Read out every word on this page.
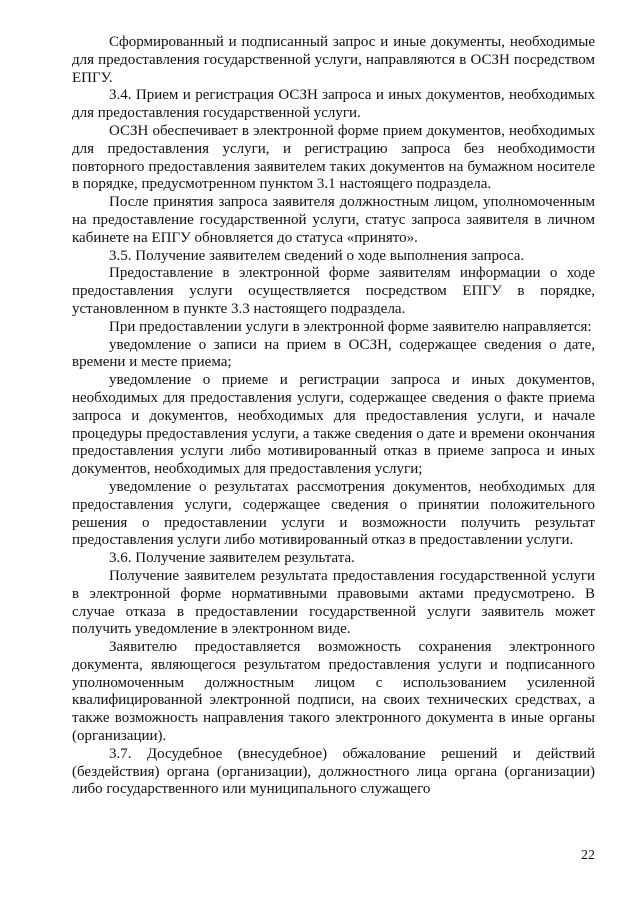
Сформированный и подписанный запрос и иные документы, необходимые для предоставления государственной услуги, направляются в ОСЗН посредством ЕПГУ.

3.4. Прием и регистрация ОСЗН запроса и иных документов, необходимых для предоставления государственной услуги.

ОСЗН обеспечивает в электронной форме прием документов, необходимых для предоставления услуги, и регистрацию запроса без необходимости повторного предоставления заявителем таких документов на бумажном носителе в порядке, предусмотренном пунктом 3.1 настоящего подраздела.

После принятия запроса заявителя должностным лицом, уполномоченным на предоставление государственной услуги, статус запроса заявителя в личном кабинете на ЕПГУ обновляется до статуса «принято».

3.5. Получение заявителем сведений о ходе выполнения запроса.

Предоставление в электронной форме заявителям информации о ходе предоставления услуги осуществляется посредством ЕПГУ в порядке, установленном в пункте 3.3 настоящего подраздела.

При предоставлении услуги в электронной форме заявителю направляется:

уведомление о записи на прием в ОСЗН, содержащее сведения о дате, времени и месте приема;

уведомление о приеме и регистрации запроса и иных документов, необходимых для предоставления услуги, содержащее сведения о факте приема запроса и документов, необходимых для предоставления услуги, и начале процедуры предоставления услуги, а также сведения о дате и времени окончания предоставления услуги либо мотивированный отказ в приеме запроса и иных документов, необходимых для предоставления услуги;

уведомление о результатах рассмотрения документов, необходимых для предоставления услуги, содержащее сведения о принятии положительного решения о предоставлении услуги и возможности получить результат предоставления услуги либо мотивированный отказ в предоставлении услуги.

3.6. Получение заявителем результата.

Получение заявителем результата предоставления государственной услуги в электронной форме нормативными правовыми актами предусмотрено. В случае отказа в предоставлении государственной услуги заявитель может получить уведомление в электронном виде.

Заявителю предоставляется возможность сохранения электронного документа, являющегося результатом предоставления услуги и подписанного уполномоченным должностным лицом с использованием усиленной квалифицированной электронной подписи, на своих технических средствах, а также возможность направления такого электронного документа в иные органы (организации).

3.7. Досудебное (внесудебное) обжалование решений и действий (бездействия) органа (организации), должностного лица органа (организации) либо государственного или муниципального служащего

22
